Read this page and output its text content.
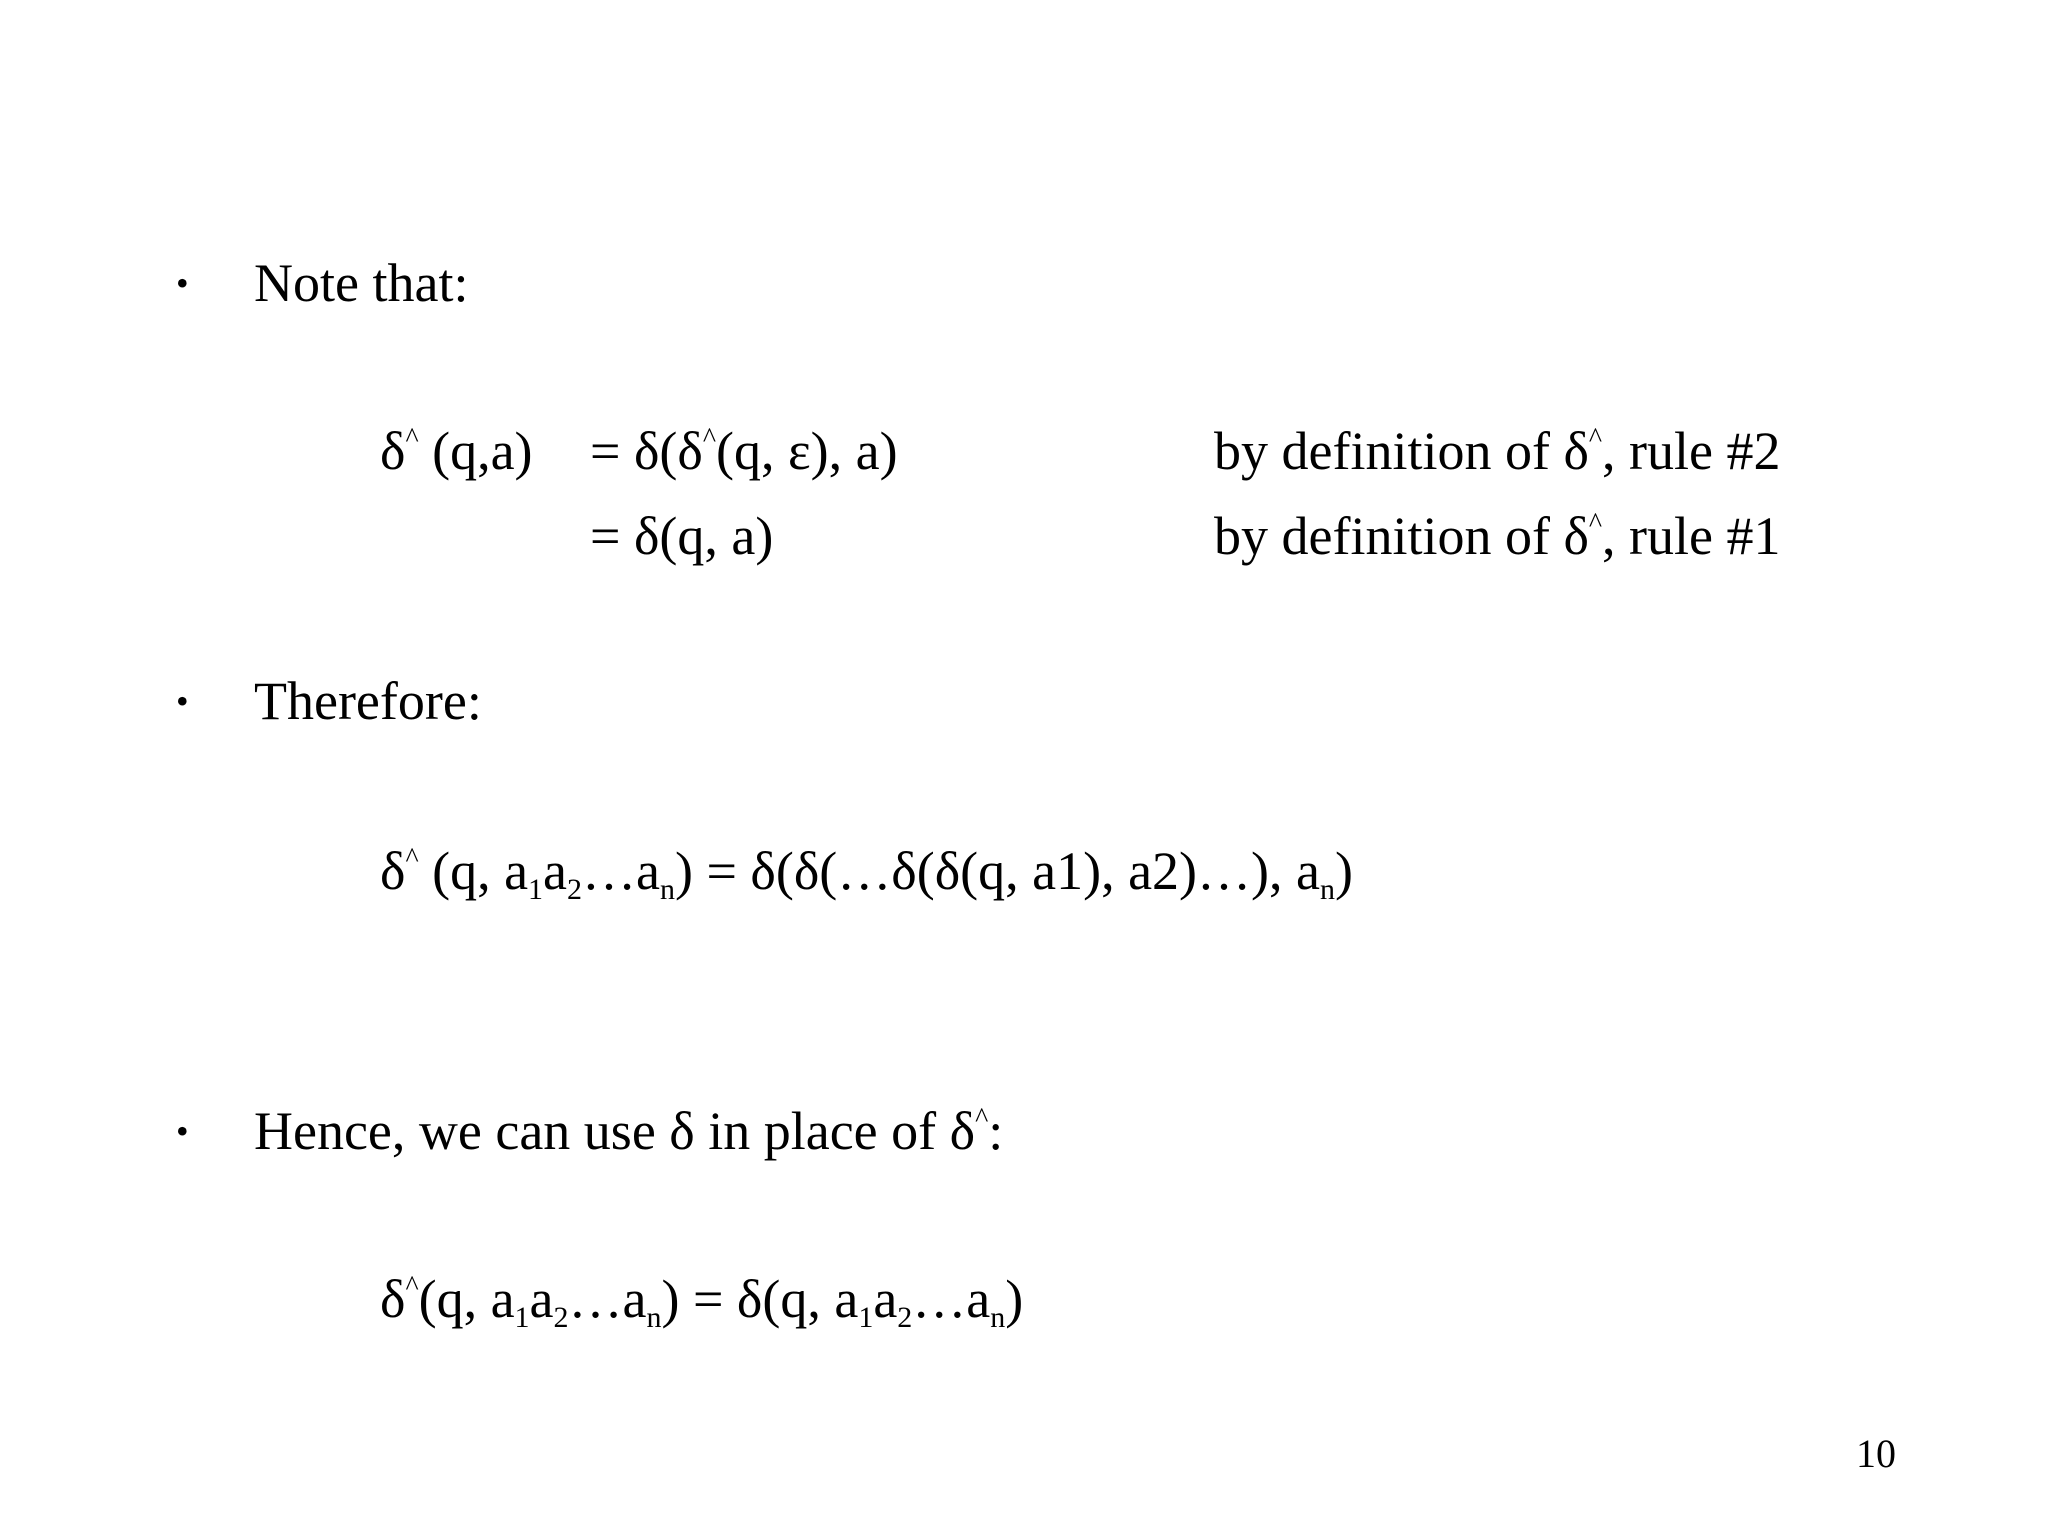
• Note that:
δ^ (q,a) = δ(δ^(q, ε), a)	by definition of δ^, rule #2
= δ(q, a)	by definition of δ^, rule #1
• Therefore:
δ^ (q, $a_1a_2\dots a_n$) = δ(δ(…δ(δ(q, a1), a2)…), $a_n$)
• Hence, we can use δ in place of δ^:
δ^(q, $a_1a_2\dots a_n) = \delta(q$, $a_1a_2\dots a_n$)
10
